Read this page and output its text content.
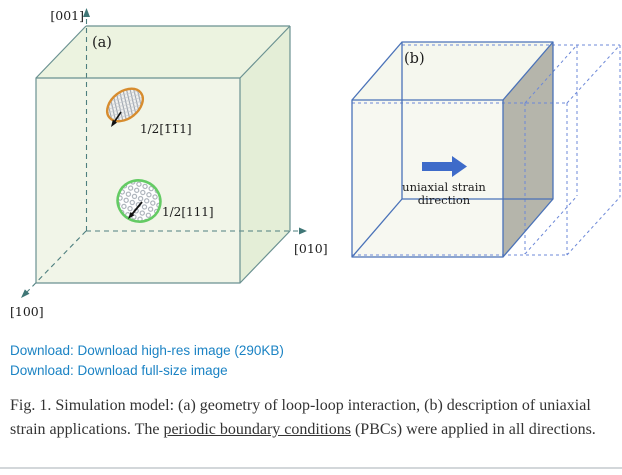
(a)
[001]
[010]
[100]
1/2[1̅1̅1]
1/2[111]
(b)
uniaxial strain
direction
Download: Download high-res image (290KB)
Download: Download full-size image

Fig. 1. Simulation model: (a) geometry of loop-loop interaction, (b) description of uniaxial strain applications. The periodic boundary conditions (PBCs) were applied in all directions.
